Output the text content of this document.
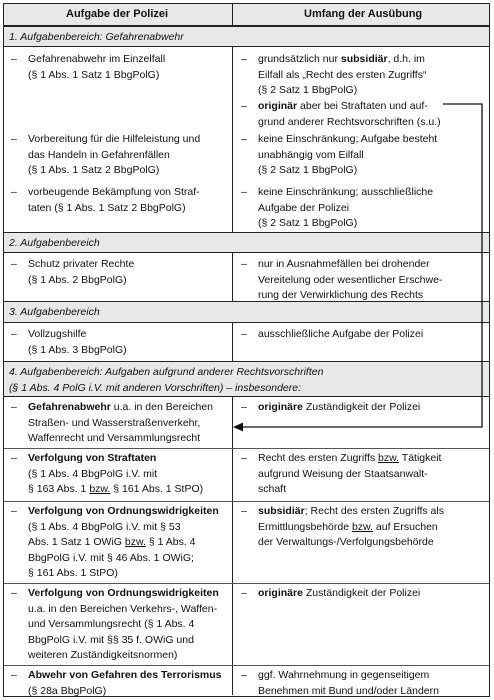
Aufgabe der Polizei	Umfang der Ausübung
1. Aufgabenbereich: Gefahrenabwehr
– Gefahrenabwehr im Einzelfall
(§ 1 Abs. 1 Satz 1 BbgPolG)
– grundsätzlich nur subsidiär, d.h. im
Eilfall als „Recht des ersten Zugriffs“
(§ 2 Satz 1 BbgPolG)
– originär aber bei Straftaten und auf-
grund anderer Rechtsvorschriften (s.u.)
– Vorbereitung für die Hilfeleistung und
das Handeln in Gefahrenfällen
(§ 1 Abs. 1 Satz 2 BbgPolG)
– keine Einschränkung; Aufgabe besteht
unabhängig vom Eilfall
(§ 2 Satz 1 BbgPolG)
– vorbeugende Bekämpfung von Straf-
taten (§ 1 Abs. 1 Satz 2 BbgPolG)
– keine Einschränkung; ausschließliche
Aufgabe der Polizei
(§ 2 Satz 1 BbgPolG)
2. Aufgabenbereich
– Schutz privater Rechte
(§ 1 Abs. 2 BbgPolG)
– nur in Ausnahmefällen bei drohender
Vereitelung oder wesentlicher Erschwe-
rung der Verwirklichung des Rechts
3. Aufgabenbereich
– Vollzugshilfe
(§ 1 Abs. 3 BbgPolG)
– ausschließliche Aufgabe der Polizei
4. Aufgabenbereich: Aufgaben aufgrund anderer Rechtsvorschriften
(§ 1 Abs. 4 PolG i.V. mit anderen Vorschriften) – insbesondere:
– Gefahrenabwehr u.a. in den Bereichen
Straßen- und Wasserstraßenverkehr,
Waffenrecht und Versammlungsrecht
– originäre Zuständigkeit der Polizei
– Verfolgung von Straftaten
(§ 1 Abs. 4 BbgPolG i.V. mit
§ 163 Abs. 1 bzw. § 161 Abs. 1 StPO)
– Recht des ersten Zugriffs bzw. Tätigkeit
aufgrund Weisung der Staatsanwalt-
schaft
– Verfolgung von Ordnungswidrigkeiten
(§ 1 Abs. 4 BbgPolG i.V. mit § 53
Abs. 1 Satz 1 OWiG bzw. § 1 Abs. 4
BbgPolG i.V. mit § 46 Abs. 1 OWiG;
§ 161 Abs. 1 StPO)
– subsidiär; Recht des ersten Zugriffs als
Ermittlungsbehörde bzw. auf Ersuchen
der Verwaltungs-/Verfolgungsbehörde
– Verfolgung von Ordnungswidrigkeiten
u.a. in den Bereichen Verkehrs-, Waffen-
und Versammlungsrecht (§ 1 Abs. 4
BbgPolG i.V. mit §§ 35 f. OWiG und
weiteren Zuständigkeitsnormen)
– originäre Zuständigkeit der Polizei
– Abwehr von Gefahren des Terrorismus
(§ 28a BbgPolG)
– ggf. Wahrnehmung in gegenseitigem
Benehmen mit Bund und/oder Ländern
